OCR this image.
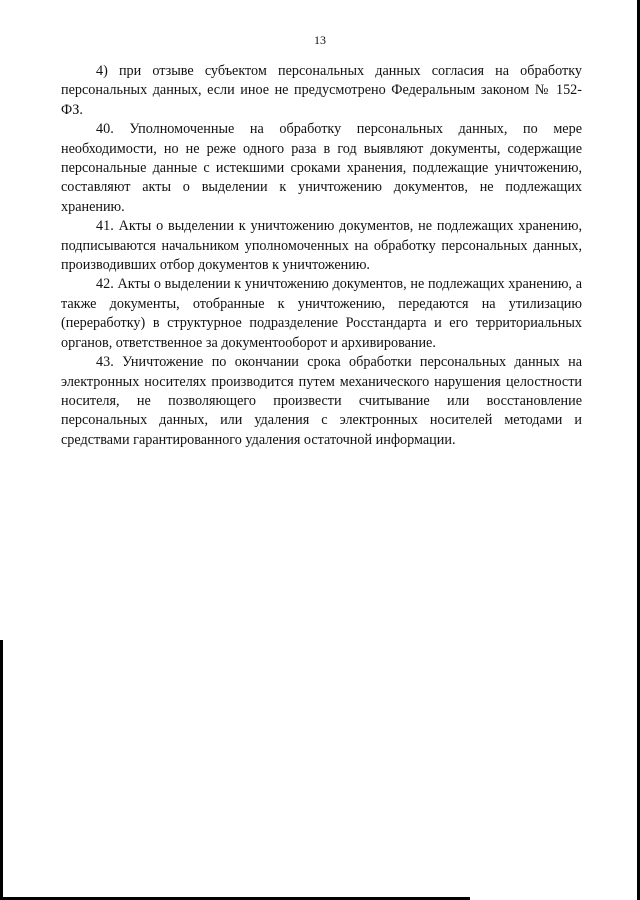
13

4) при отзыве субъектом персональных данных согласия на обработку персональных данных, если иное не предусмотрено Федеральным законом № 152-ФЗ.

40. Уполномоченные на обработку персональных данных, по мере необходимости, но не реже одного раза в год выявляют документы, содержащие персональные данные с истекшими сроками хранения, подлежащие уничтожению, составляют акты о выделении к уничтожению документов, не подлежащих хранению.

41. Акты о выделении к уничтожению документов, не подлежащих хранению, подписываются начальником уполномоченных на обработку персональных данных, производивших отбор документов к уничтожению.

42. Акты о выделении к уничтожению документов, не подлежащих хранению, а также документы, отобранные к уничтожению, передаются на утилизацию (переработку) в структурное подразделение Росстандарта и его территориальных органов, ответственное за документооборот и архивирование.

43. Уничтожение по окончании срока обработки персональных данных на электронных носителях производится путем механического нарушения целостности носителя, не позволяющего произвести считывание или восстановление персональных данных, или удаления с электронных носителей методами и средствами гарантированного удаления остаточной информации.
